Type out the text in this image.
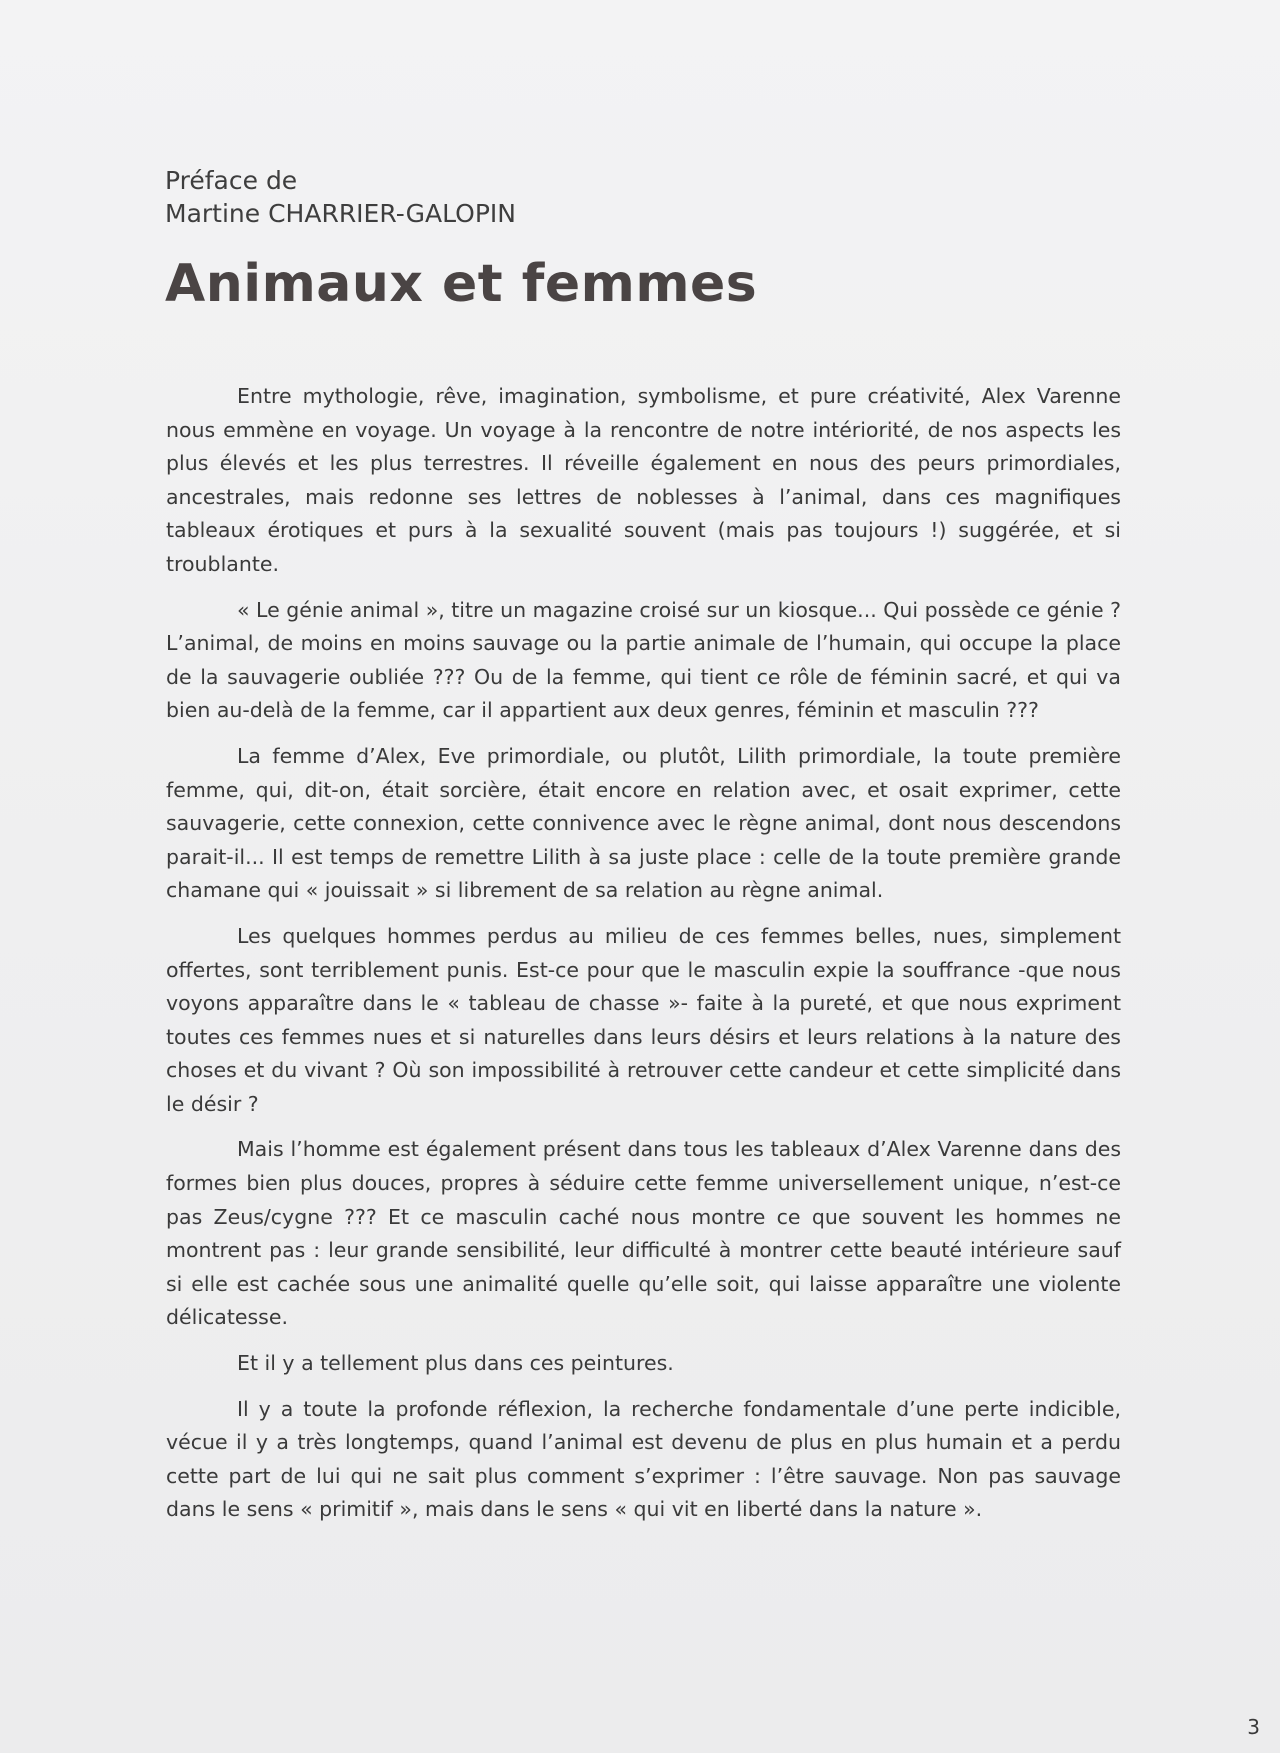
Préface de

Martine CHARRIER-GALOPIN

Animaux et femmes

Entre mythologie, rêve, imagination, symbolisme, et pure créativité, Alex Varenne nous emmène en voyage. Un voyage à la rencontre de notre intériorité, de nos aspects les plus élevés et les plus terrestres. Il réveille également en nous des peurs primordiales, ancestrales, mais redonne ses lettres de noblesses à l’animal, dans ces magnifiques tableaux érotiques et purs à la sexualité souvent (mais pas toujours !) suggérée, et si troublante.

« Le génie animal », titre un magazine croisé sur un kiosque... Qui possède ce génie ? L’animal, de moins en moins sauvage ou la partie animale de l’humain, qui occupe la place de la sauvagerie oubliée ??? Ou de la femme, qui tient ce rôle de féminin sacré, et qui va bien au-delà de la femme, car il appartient aux deux genres, féminin et masculin ???

La femme d’Alex, Eve primordiale, ou plutôt, Lilith primordiale, la toute première femme, qui, dit-on, était sorcière, était encore en relation avec, et osait exprimer, cette sauvagerie, cette connexion, cette connivence avec le règne animal, dont nous descendons parait-il... Il est temps de remettre Lilith à sa juste place : celle de la toute première grande chamane qui « jouissait » si librement de sa relation au règne animal.

Les quelques hommes perdus au milieu de ces femmes belles, nues, simplement offertes, sont terriblement punis. Est-ce pour que le masculin expie la souffrance -que nous voyons apparaître dans le « tableau de chasse »- faite à la pureté, et que nous expriment toutes ces femmes nues et si naturelles dans leurs désirs et leurs relations à la nature des choses et du vivant ? Où son impossibilité à retrouver cette candeur et cette simplicité dans le désir ?

Mais l’homme est également présent dans tous les tableaux d’Alex Varenne dans des formes bien plus douces, propres à séduire cette femme universellement unique, n’est-ce pas Zeus/cygne ??? Et ce masculin caché nous montre ce que souvent les hommes ne montrent pas : leur grande sensibilité, leur difficulté à montrer cette beauté intérieure sauf si elle est cachée sous une animalité quelle qu’elle soit, qui laisse apparaître une violente délicatesse.

Et il y a tellement plus dans ces peintures.

Il y a toute la profonde réflexion, la recherche fondamentale d’une perte indicible, vécue il y a très longtemps, quand l’animal est devenu de plus en plus humain et a perdu cette part de lui qui ne sait plus comment s’exprimer : l’être sauvage. Non pas sauvage dans le sens « primitif », mais dans le sens « qui vit en liberté dans la nature ».

3
